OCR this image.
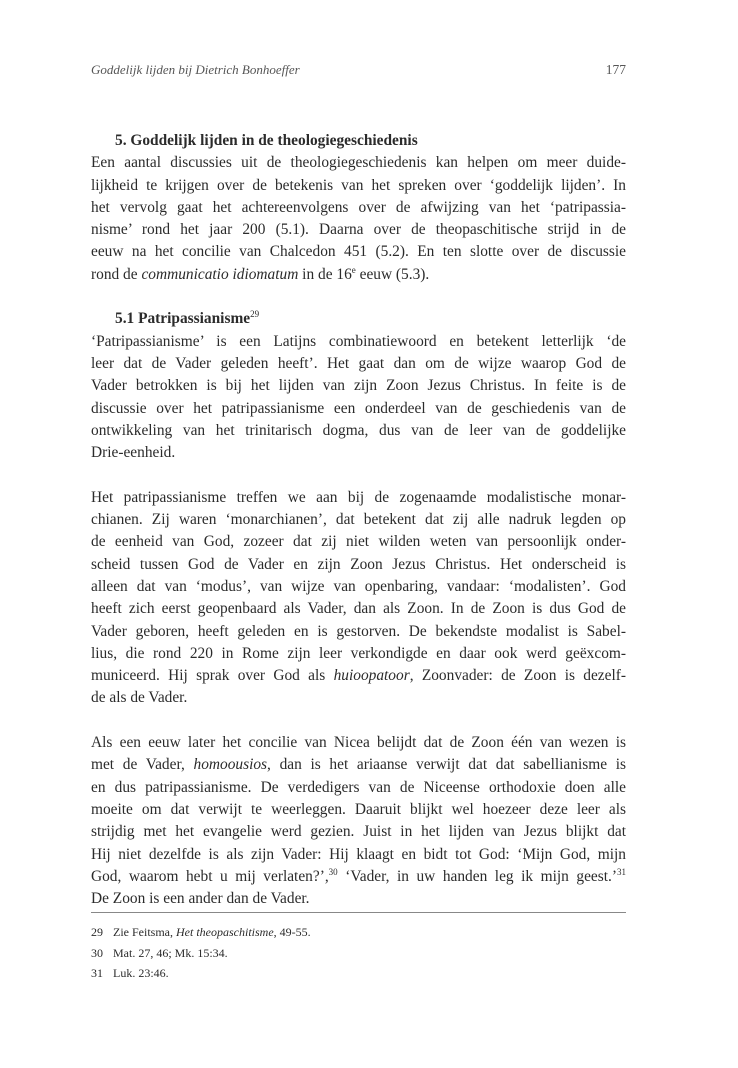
Goddelijk lijden bij Dietrich Bonhoeffer	177
5. Goddelijk lijden in de theologiegeschiedenis
Een aantal discussies uit de theologiegeschiedenis kan helpen om meer duide-
lijkheid te krijgen over de betekenis van het spreken over ‘goddelijk lijden’. In
het vervolg gaat het achtereenvolgens over de afwijzing van het ‘patripassia-
nisme’ rond het jaar 200 (5.1). Daarna over de theopaschitische strijd in de
eeuw na het concilie van Chalcedon 451 (5.2). En ten slotte over de discussie
rond de communicatio idiomatum in de 16e eeuw (5.3).
5.1 Patripassianisme$^{29}$
‘Patripassianisme’ is een Latijns combinatiewoord en betekent letterlijk ‘de
leer dat de Vader geleden heeft’. Het gaat dan om de wijze waarop God de
Vader betrokken is bij het lijden van zijn Zoon Jezus Christus. In feite is de
discussie over het patripassianisme een onderdeel van de geschiedenis van de
ontwikkeling van het trinitarisch dogma, dus van de leer van de goddelijke
Drie-eenheid.
Het patripassianisme treffen we aan bij de zogenaamde modalistische monar-
chianen. Zij waren ‘monarchianen’, dat betekent dat zij alle nadruk legden op
de eenheid van God, zozeer dat zij niet wilden weten van persoonlijk onder-
scheid tussen God de Vader en zijn Zoon Jezus Christus. Het onderscheid is
alleen dat van ‘modus’, van wijze van openbaring, vandaar: ‘modalisten’. God
heeft zich eerst geopenbaard als Vader, dan als Zoon. In de Zoon is dus God de
Vader geboren, heeft geleden en is gestorven. De bekendste modalist is Sabel-
lius, die rond 220 in Rome zijn leer verkondigde en daar ook werd geëxcom-
municeerd. Hij sprak over God als huioopatoor, Zoonvader: de Zoon is dezelf-
de als de Vader.
Als een eeuw later het concilie van Nicea belijdt dat de Zoon één van wezen is
met de Vader, homoousios, dan is het ariaanse verwijt dat dat sabellianisme is
en dus patripassianisme. De verdedigers van de Niceense orthodoxie doen alle
moeite om dat verwijt te weerleggen. Daaruit blijkt wel hoezeer deze leer als
strijdig met het evangelie werd gezien. Juist in het lijden van Jezus blijkt dat
Hij niet dezelfde is als zijn Vader: Hij klaagt en bidt tot God: ‘Mijn God, mijn
God, waarom hebt u mij verlaten?’,$^{30}$ ‘Vader, in uw handen leg ik mijn geest.’$^{31}$
De Zoon is een ander dan de Vader.
29 Zie Feitsma, Het theopaschitisme, 49-55.
30 Mat. 27, 46; Mk. 15:34.
31 Luk. 23:46.
